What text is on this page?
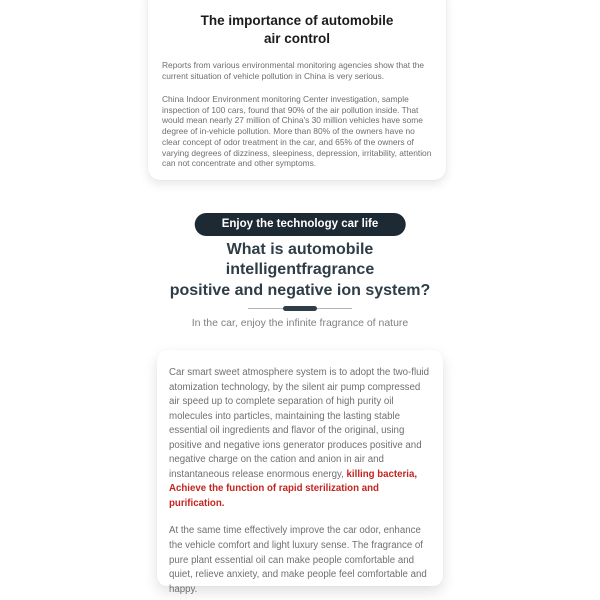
The importance of automobile
air control

Reports from various environmental monitoring agencies show that the current situation of vehicle pollution in China is very serious.

China Indoor Environment monitoring Center investigation, sample inspection of 100 cars, found that 90% of the air pollution inside. That would mean nearly 27 million of China's 30 million vehicles have some degree of in-vehicle pollution. More than 80% of the owners have no clear concept of odor treatment in the car, and 65% of the owners of varying degrees of dizziness, sleepiness, depression, irritability, attention can not concentrate and other symptoms.

Enjoy the technology car life
What is automobile
intelligentfragrance
positive and negative ion system?

In the car, enjoy the infinite fragrance of nature

Car smart sweet atmosphere system is to adopt the two-fluid atomization technology, by the silent air pump compressed air speed up to complete separation of high purity oil molecules into particles, maintaining the lasting stable essential oil ingredients and flavor of the original, using positive and negative ions generator produces positive and negative charge on the cation and anion in air and instantaneous release enormous energy, killing bacteria, Achieve the function of rapid sterilization and purification.

At the same time effectively improve the car odor, enhance the vehicle comfort and light luxury sense. The fragrance of pure plant essential oil can make people comfortable and quiet, relieve anxiety, and make people feel comfortable and happy.
